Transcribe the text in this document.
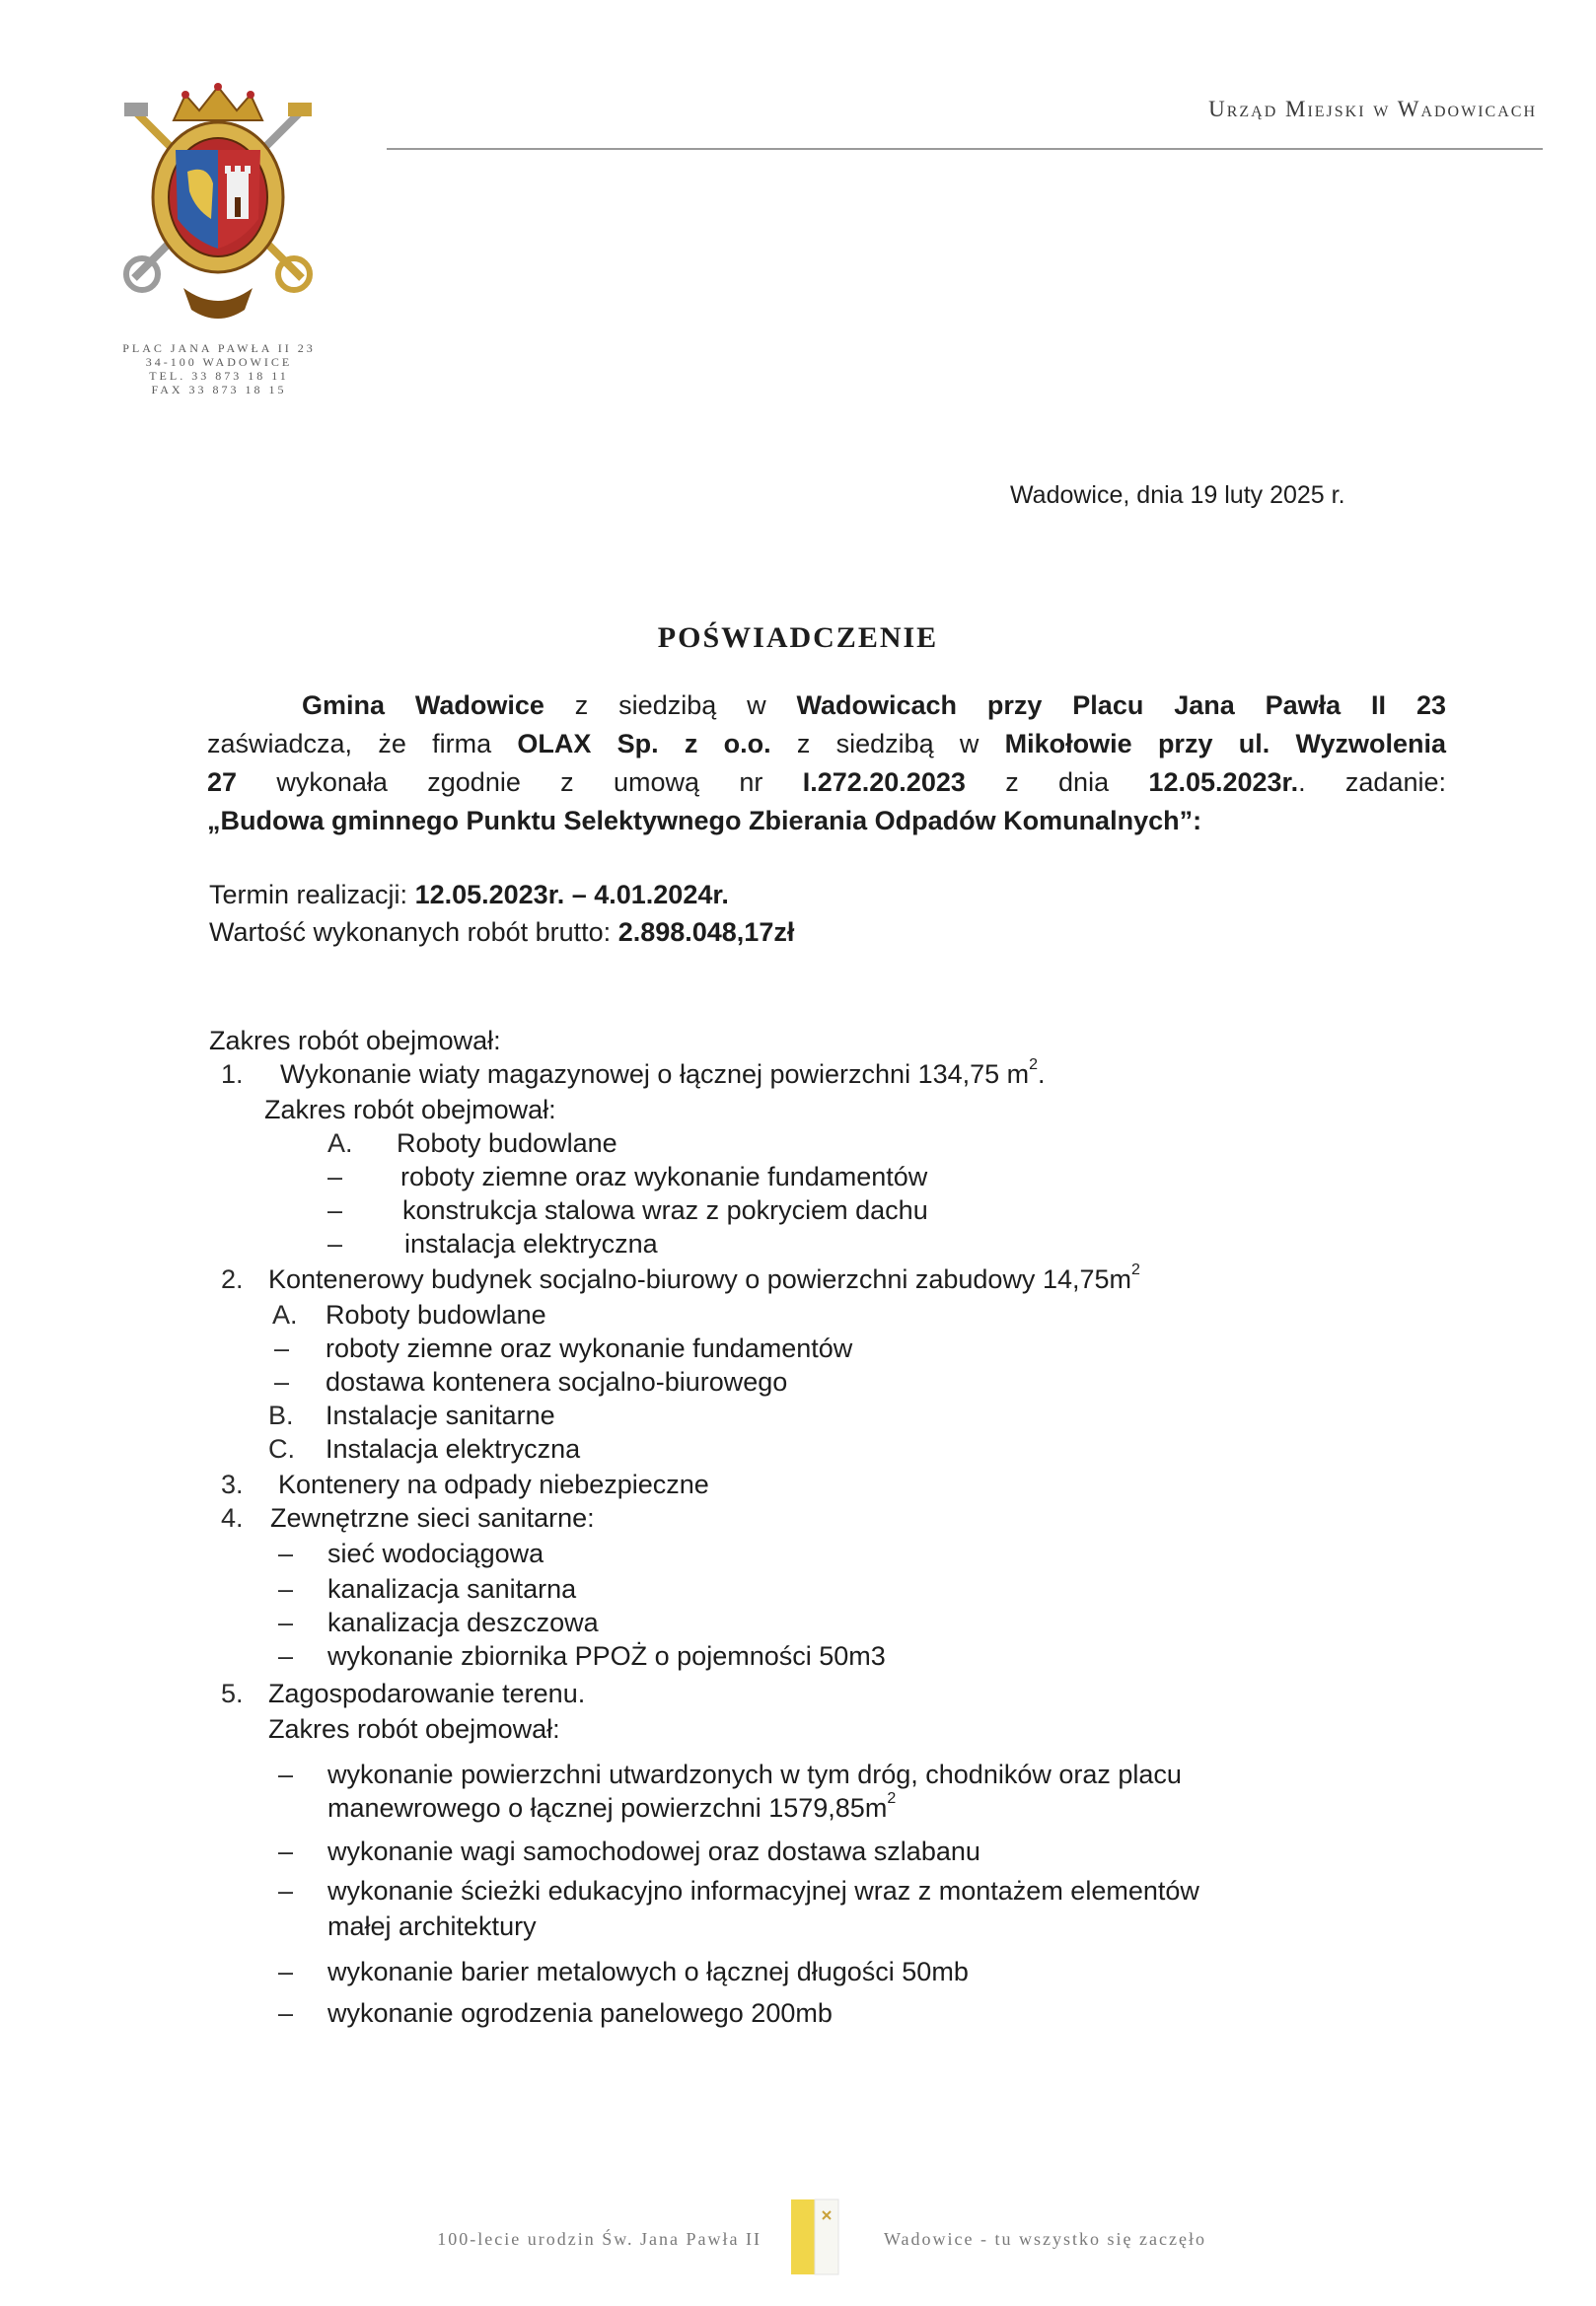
Urząd Miejski w Wadowicach
PLAC JANA PAWŁA II 23
34-100 WADOWICE
TEL. 33 873 18 11
FAX 33 873 18 15
Wadowice, dnia 19 luty 2025 r.
POŚWIADCZENIE
Gmina Wadowice z siedzibą w Wadowicach przy Placu Jana Pawła II 23
zaświadcza, że firma OLAX Sp. z o.o. z siedzibą w Mikołowie przy ul. Wyzwolenia
27 wykonała zgodnie z umową nr I.272.20.2023 z dnia 12.05.2023r.. zadanie:
„Budowa gminnego Punktu Selektywnego Zbierania Odpadów Komunalnych”:
Termin realizacji: 12.05.2023r. – 4.01.2024r.
Wartość wykonanych robót brutto: 2.898.048,17zł
Zakres robót obejmował:
1. Wykonanie wiaty magazynowej o łącznej powierzchni 134,75 $m^2$.
Zakres robót obejmował:
A. Roboty budowlane
– roboty ziemne oraz wykonanie fundamentów
– konstrukcja stalowa wraz z pokryciem dachu
– instalacja elektryczna
2. Kontenerowy budynek socjalno-biurowy o powierzchni zabudowy $14,75m^2$
A. Roboty budowlane
– roboty ziemne oraz wykonanie fundamentów
– dostawa kontenera socjalno-biurowego
B. Instalacje sanitarne
C. Instalacja elektryczna
3. Kontenery na odpady niebezpieczne
4. Zewnętrzne sieci sanitarne:
– sieć wodociągowa
– kanalizacja sanitarna
– kanalizacja deszczowa
– wykonanie zbiornika PPOŻ o pojemności 50m3
5. Zagospodarowanie terenu.
Zakres robót obejmował:
– wykonanie powierzchni utwardzonych w tym dróg, chodników oraz placu
manewrowego o łącznej powierzchni $1579,85m^2$
– wykonanie wagi samochodowej oraz dostawa szlabanu
– wykonanie ścieżki edukacyjno informacyjnej wraz z montażem elementów
małej architektury
– wykonanie barier metalowych o łącznej długości 50mb
– wykonanie ogrodzenia panelowego 200mb
100-lecie urodzin Św. Jana Pawła II	Wadowice - tu wszystko się zaczęło
